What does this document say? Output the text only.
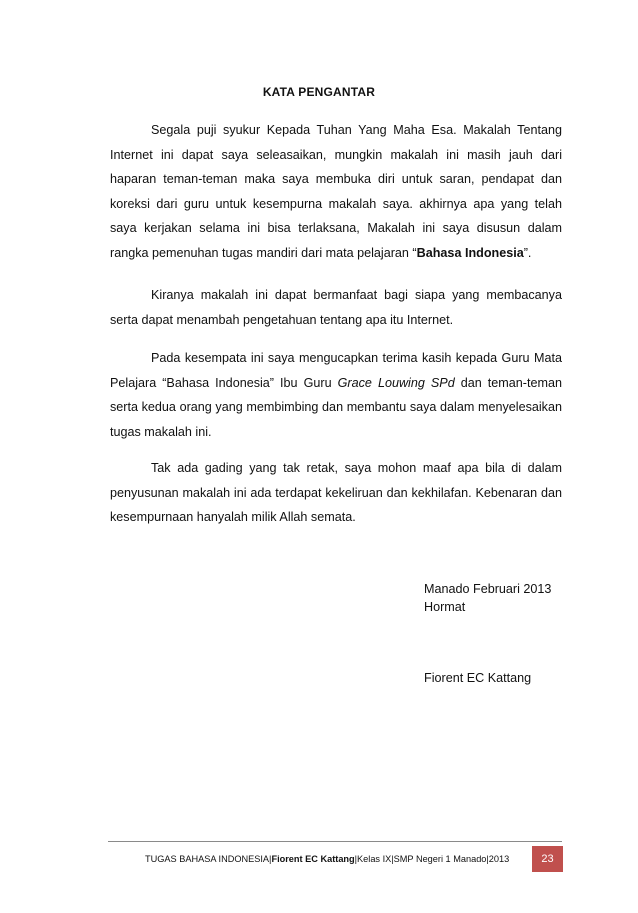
KATA PENGANTAR

Segala puji syukur Kepada Tuhan Yang Maha Esa. Makalah Tentang Internet ini dapat saya seleasaikan, mungkin makalah ini masih jauh dari haparan teman-teman maka saya membuka diri untuk saran, pendapat dan koreksi dari guru untuk kesempurna makalah saya. akhirnya apa yang telah saya kerjakan selama ini bisa terlaksana, Makalah ini saya disusun dalam rangka pemenuhan tugas mandiri dari mata pelajaran “Bahasa Indonesia”.

Kiranya makalah ini dapat bermanfaat bagi siapa yang membacanya serta dapat menambah pengetahuan tentang apa itu Internet.

Pada kesempata ini saya mengucapkan terima kasih kepada Guru Mata Pelajara “Bahasa Indonesia” Ibu Guru Grace Louwing SPd dan teman-teman serta kedua orang yang membimbing dan membantu saya dalam menyelesaikan tugas makalah ini.

Tak ada gading yang tak retak, saya mohon maaf apa bila di dalam penyusunan makalah ini ada terdapat kekeliruan dan kekhilafan. Kebenaran dan kesempurnaan hanyalah milik Allah semata.

Manado Februari 2013
Hormat
Fiorent EC Kattang
TUGAS BAHASA INDONESIA|Fiorent EC Kattang|Kelas IX|SMP Negeri 1 Manado|2013	23
